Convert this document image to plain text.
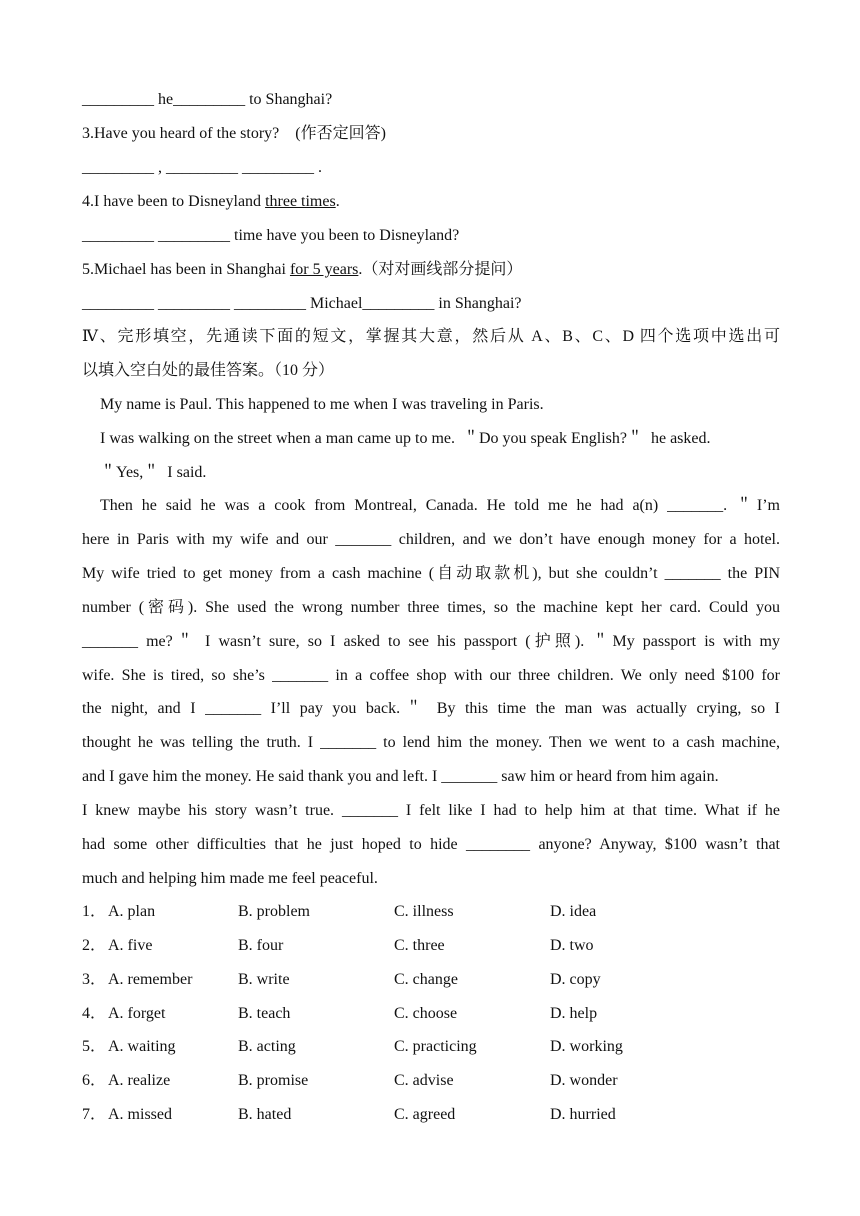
_________ he_________ to Shanghai?
3.Have you heard of the story? (作否定回答)
_________ , _________ _________ .
4.I have been to Disneyland three times.
_________ _________ time have you been to Disneyland?
5.Michael has been in Shanghai for 5 years.（对对画线部分提问）
_________ _________ _________ Michael_________ in Shanghai?
Ⅳ、完形填空，先通读下面的短文，掌握其大意，然后从 A、B、C、D 四个选项中选出可
以填入空白处的最佳答案。（10 分）
My name is Paul. This happened to me when I was traveling in Paris.
I was walking on the street when a man came up to me.  ＂Do you speak English?＂  he asked.
＂Yes,＂  I said.
Then he said he was a cook from Montreal, Canada. He told me he had a(n) _______. ＂I’m
here in Paris with my wife and our _______ children, and we don’t have enough money for a hotel.
My wife tried to get money from a cash machine (自动取款机), but she couldn’t _______ the PIN
number (密码). She used the wrong number three times, so the machine kept her card. Could you
_______ me?＂ I wasn’t sure, so I asked to see his passport (护照). ＂My passport is with my
wife. She is tired, so she’s _______ in a coffee shop with our three children. We only need $100 for
the night, and I _______ I’ll pay you back.＂ By this time the man was actually crying, so I
thought he was telling the truth. I _______ to lend him the money. Then we went to a cash machine,
and I gave him the money. He said thank you and left. I _______ saw him or heard from him again.
I knew maybe his story wasn’t true. _______ I felt like I had to help him at that time. What if he
had some other difficulties that he just hoped to hide ________ anyone? Anyway, $100 wasn’t that
much and helping him made me feel peaceful.
1． A. plan	B. problem	C. illness	D. idea
2． A. five	B. four	C. three	D. two
3． A. remember	B. write	C. change	D. copy
4． A. forget	B. teach	C. choose	D. help
5． A. waiting	B. acting	C. practicing	D. working
6． A. realize	B. promise	C. advise	D. wonder
7． A. missed	B. hated	C. agreed	D. hurried
